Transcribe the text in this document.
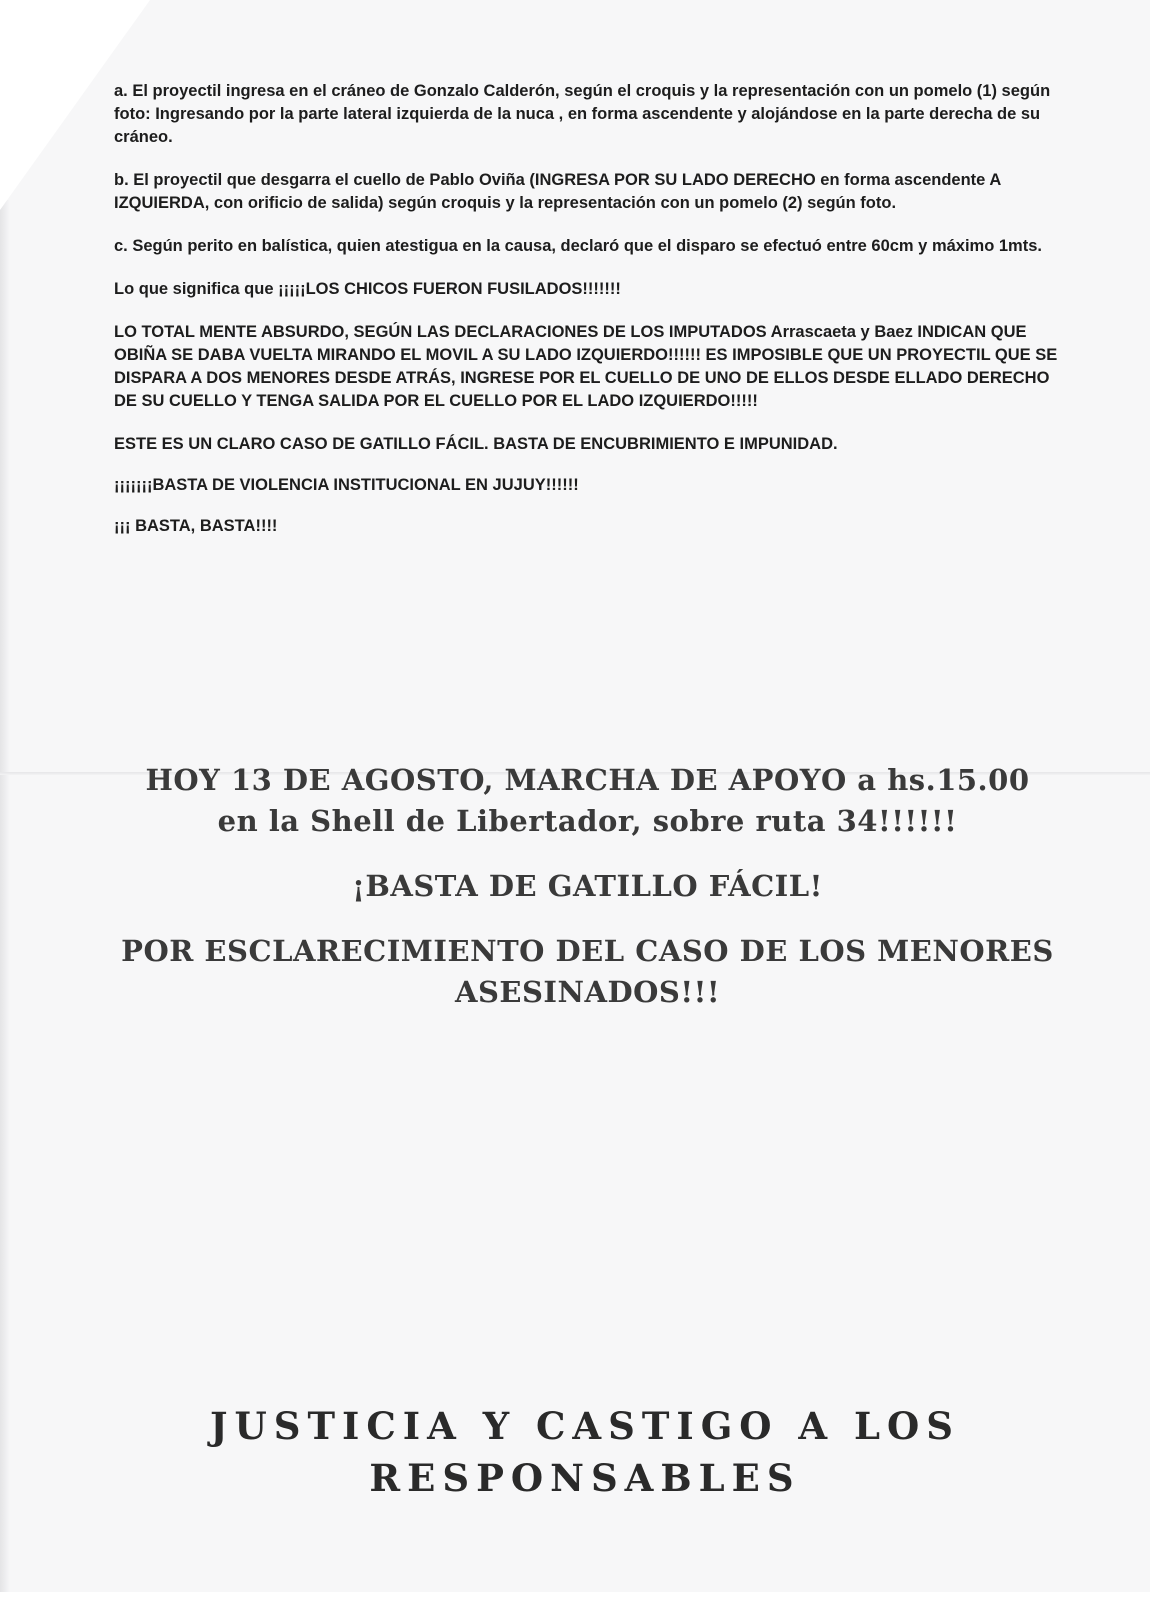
a. El proyectil ingresa en el cráneo de Gonzalo Calderón, según el croquis y la representación con un pomelo (1) según foto: Ingresando por la parte lateral izquierda de la nuca , en forma ascendente y alojándose en la parte derecha de su cráneo.

b. El proyectil que desgarra el cuello de Pablo Oviña (INGRESA POR SU LADO DERECHO en forma ascendente A IZQUIERDA, con orificio de salida) según croquis y la representación con un pomelo (2) según foto.

c. Según perito en balística, quien atestigua en la causa, declaró que el disparo se efectuó entre 60cm y máximo 1mts.

Lo que significa que ¡¡¡¡¡LOS CHICOS FUERON FUSILADOS!!!!!!!

LO TOTAL MENTE ABSURDO, SEGÚN LAS DECLARACIONES DE LOS IMPUTADOS Arrascaeta y Baez INDICAN QUE OBIÑA SE DABA VUELTA MIRANDO EL MOVIL A SU LADO IZQUIERDO!!!!!! ES IMPOSIBLE QUE UN PROYECTIL QUE SE DISPARA A DOS MENORES DESDE ATRÁS, INGRESE POR EL CUELLO DE UNO DE ELLOS DESDE ELLADO DERECHO DE SU CUELLO Y TENGA SALIDA POR EL CUELLO POR EL LADO IZQUIERDO!!!!!

ESTE ES UN CLARO CASO DE GATILLO FÁCIL. BASTA DE ENCUBRIMIENTO E IMPUNIDAD.

¡¡¡¡¡¡¡BASTA DE VIOLENCIA INSTITUCIONAL EN JUJUY!!!!!!

¡¡¡ BASTA, BASTA!!!!

HOY 13 DE AGOSTO, MARCHA DE APOYO a hs.15.00 en la Shell de Libertador, sobre ruta 34!!!!!!

¡BASTA DE GATILLO FÁCIL!

POR ESCLARECIMIENTO DEL CASO DE LOS MENORES ASESINADOS!!!

JUSTICIA Y CASTIGO A LOS

RESPONSABLES
